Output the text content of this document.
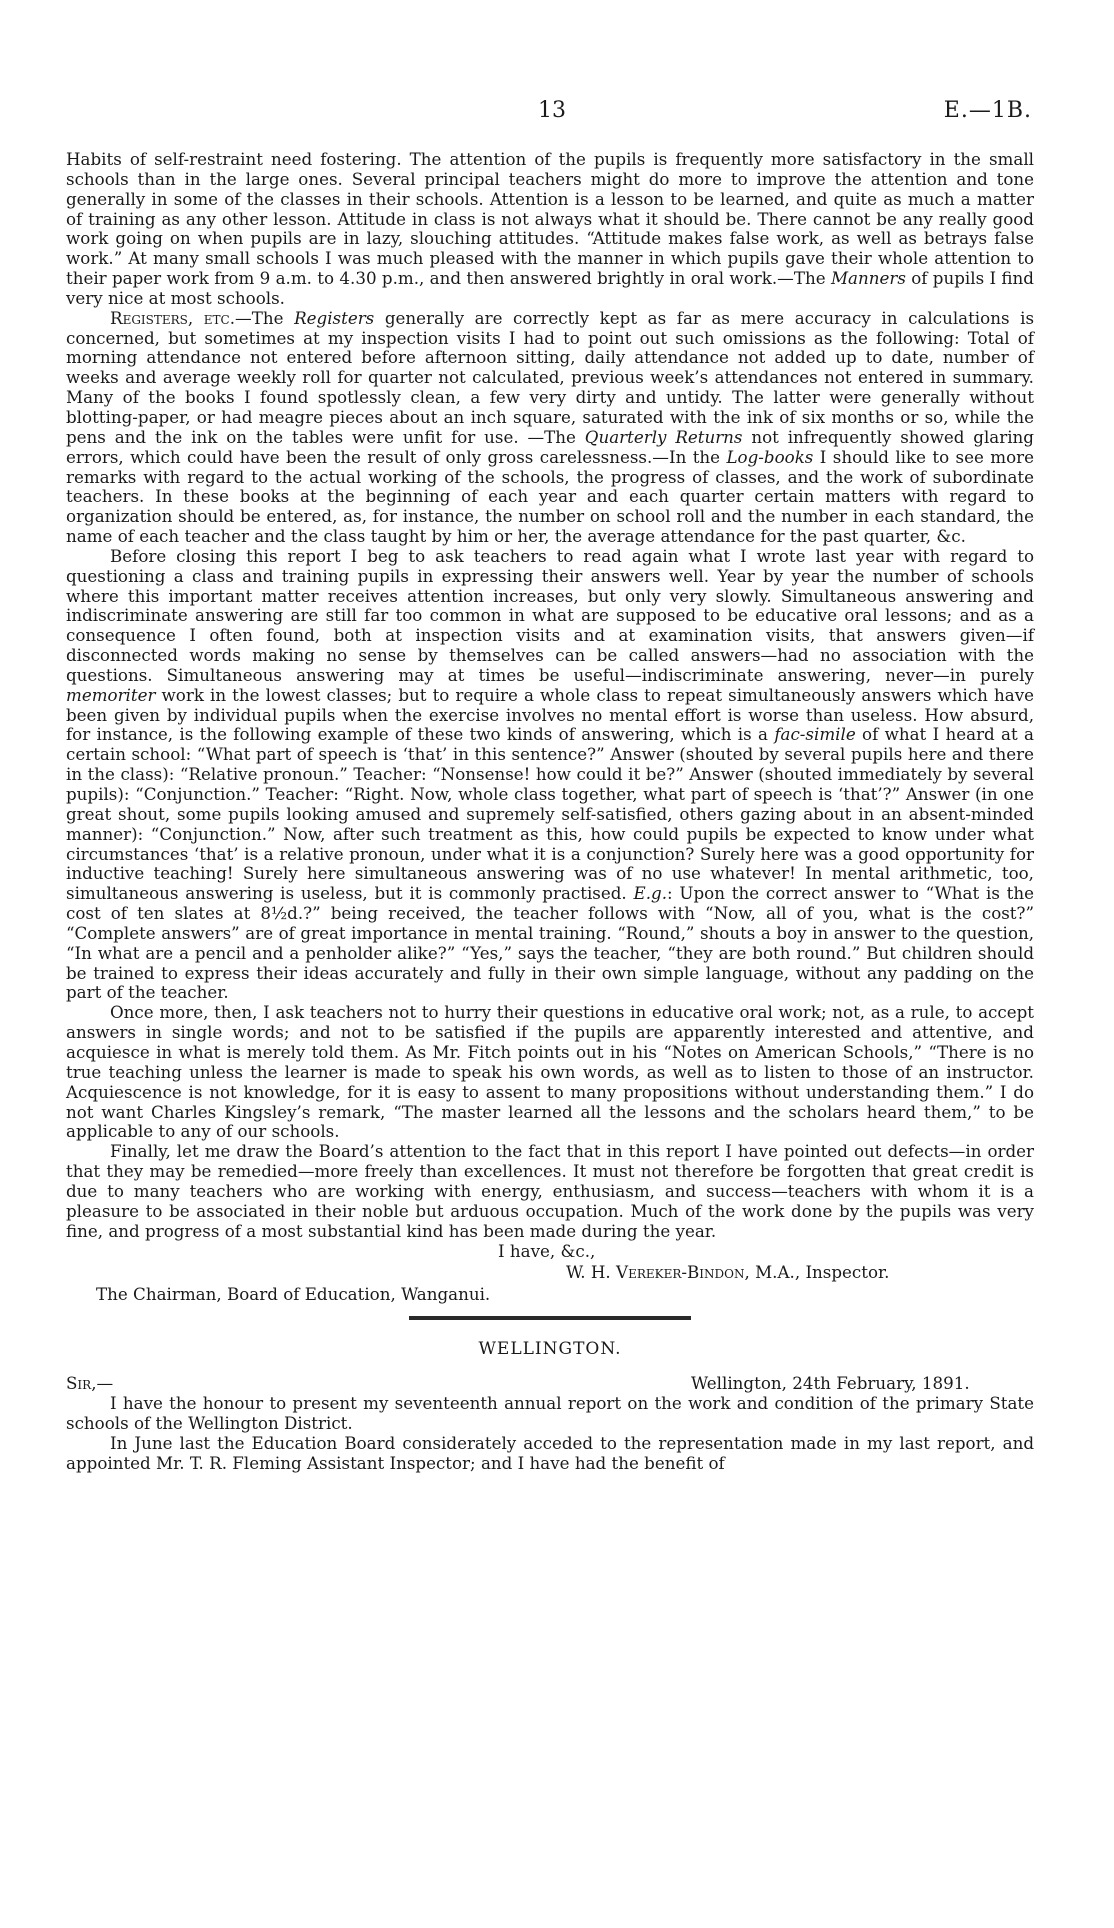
13	E.—1B.

Habits of self-restraint need fostering. The attention of the pupils is frequently more satisfactory in the small schools than in the large ones. Several principal teachers might do more to improve the attention and tone generally in some of the classes in their schools. Attention is a lesson to be learned, and quite as much a matter of training as any other lesson. Attitude in class is not always what it should be. There cannot be any really good work going on when pupils are in lazy, slouching attitudes. “Attitude makes false work, as well as betrays false work.” At many small schools I was much pleased with the manner in which pupils gave their whole attention to their paper work from 9 a.m. to 4.30 p.m., and then answered brightly in oral work.—The Manners of pupils I find very nice at most schools.

Registers, etc.—The Registers generally are correctly kept as far as mere accuracy in calculations is concerned, but sometimes at my inspection visits I had to point out such omissions as the following: Total of morning attendance not entered before afternoon sitting, daily attendance not added up to date, number of weeks and average weekly roll for quarter not calculated, previous week’s attendances not entered in summary. Many of the books I found spotlessly clean, a few very dirty and untidy. The latter were generally without blotting-paper, or had meagre pieces about an inch square, saturated with the ink of six months or so, while the pens and the ink on the tables were unfit for use. —The Quarterly Returns not infrequently showed glaring errors, which could have been the result of only gross carelessness.—In the Log-books I should like to see more remarks with regard to the actual working of the schools, the progress of classes, and the work of subordinate teachers. In these books at the beginning of each year and each quarter certain matters with regard to organization should be entered, as, for instance, the number on school roll and the number in each standard, the name of each teacher and the class taught by him or her, the average attendance for the past quarter, &c.

Before closing this report I beg to ask teachers to read again what I wrote last year with regard to questioning a class and training pupils in expressing their answers well. Year by year the number of schools where this important matter receives attention increases, but only very slowly. Simultaneous answering and indiscriminate answering are still far too common in what are supposed to be educative oral lessons; and as a consequence I often found, both at inspection visits and at examination visits, that answers given—if disconnected words making no sense by themselves can be called answers—had no association with the questions. Simultaneous answering may at times be useful—indiscriminate answering, never—in purely memoriter work in the lowest classes; but to require a whole class to repeat simultaneously answers which have been given by individual pupils when the exercise involves no mental effort is worse than useless. How absurd, for instance, is the following example of these two kinds of answering, which is a fac-simile of what I heard at a certain school: “What part of speech is ‘that’ in this sentence?” Answer (shouted by several pupils here and there in the class): “Relative pronoun.” Teacher: “Nonsense! how could it be?” Answer (shouted immediately by several pupils): “Conjunction.” Teacher: “Right. Now, whole class together, what part of speech is ‘that’?” Answer (in one great shout, some pupils looking amused and supremely self-satisfied, others gazing about in an absent-minded manner): “Conjunction.” Now, after such treatment as this, how could pupils be expected to know under what circumstances ‘that’ is a relative pronoun, under what it is a conjunction? Surely here was a good opportunity for inductive teaching! Surely here simultaneous answering was of no use whatever! In mental arithmetic, too, simultaneous answering is useless, but it is commonly practised. E.g.: Upon the correct answer to “What is the cost of ten slates at 8½d.?” being received, the teacher follows with “Now, all of you, what is the cost?” “Complete answers” are of great importance in mental training. “Round,” shouts a boy in answer to the question, “In what are a pencil and a penholder alike?” “Yes,” says the teacher, “they are both round.” But children should be trained to express their ideas accurately and fully in their own simple language, without any padding on the part of the teacher.

Once more, then, I ask teachers not to hurry their questions in educative oral work; not, as a rule, to accept answers in single words; and not to be satisfied if the pupils are apparently interested and attentive, and acquiesce in what is merely told them. As Mr. Fitch points out in his “Notes on American Schools,” “There is no true teaching unless the learner is made to speak his own words, as well as to listen to those of an instructor. Acquiescence is not knowledge, for it is easy to assent to many propositions without understanding them.” I do not want Charles Kingsley’s remark, “The master learned all the lessons and the scholars heard them,” to be applicable to any of our schools.

Finally, let me draw the Board’s attention to the fact that in this report I have pointed out defects—in order that they may be remedied—more freely than excellences. It must not therefore be forgotten that great credit is due to many teachers who are working with energy, enthusiasm, and success—teachers with whom it is a pleasure to be associated in their noble but arduous occupation. Much of the work done by the pupils was very fine, and progress of a most substantial kind has been made during the year.

I have, &c.,
W. H. Vereker-Bindon, M.A., Inspector.
The Chairman, Board of Education, Wanganui.
WELLINGTON.
Sir,—	Wellington, 24th February, 1891.

I have the honour to present my seventeenth annual report on the work and condition of the primary State schools of the Wellington District.

In June last the Education Board considerately acceded to the representation made in my last report, and appointed Mr. T. R. Fleming Assistant Inspector; and I have had the benefit of
